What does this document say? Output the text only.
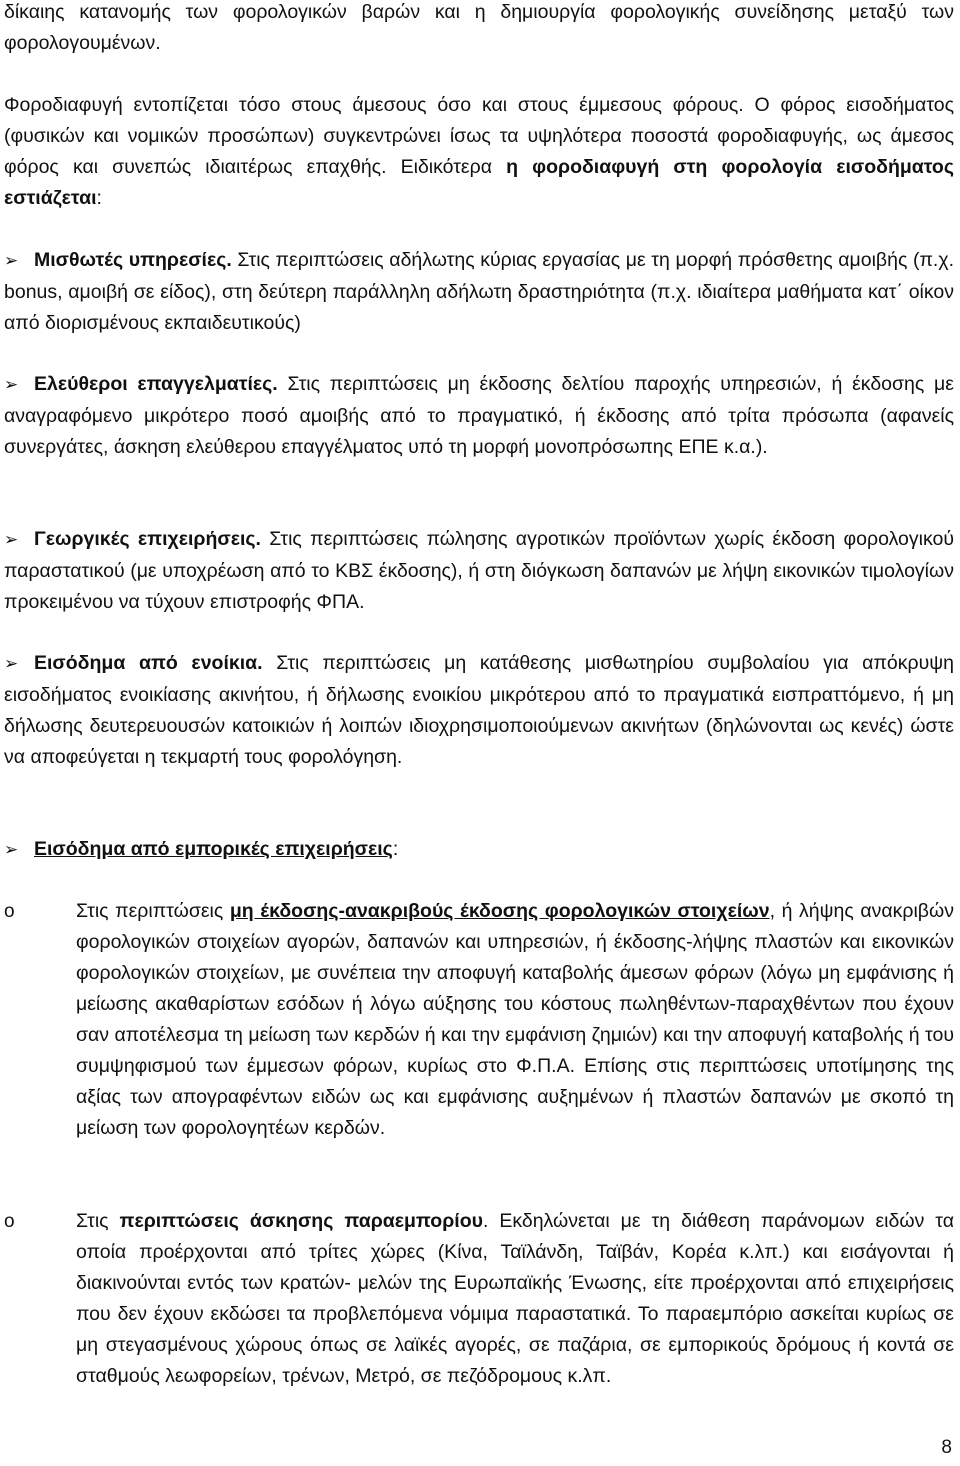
δίκαιης κατανομής των φορολογικών βαρών και η δημιουργία φορολογικής συνείδησης μεταξύ των φορολογουμένων.

Φοροδιαφυγή εντοπίζεται τόσο στους άμεσους όσο και στους έμμεσους φόρους. Ο φόρος εισοδήματος (φυσικών και νομικών προσώπων) συγκεντρώνει ίσως τα υψηλότερα ποσοστά φοροδιαφυγής, ως άμεσος φόρος και συνεπώς ιδιαιτέρως επαχθής. Ειδικότερα η φοροδιαφυγή στη φορολογία εισοδήματος εστιάζεται:

➢ Μισθωτές υπηρεσίες. Στις περιπτώσεις αδήλωτης κύριας εργασίας με τη μορφή πρόσθετης αμοιβής (π.χ. bonus, αμοιβή σε είδος), στη δεύτερη παράλληλη αδήλωτη δραστηριότητα (π.χ. ιδιαίτερα μαθήματα κατ΄ οίκον από διορισμένους εκπαιδευτικούς)

➢ Ελεύθεροι επαγγελματίες. Στις περιπτώσεις μη έκδοσης δελτίου παροχής υπηρεσιών, ή έκδοσης με αναγραφόμενο μικρότερο ποσό αμοιβής από το πραγματικό, ή έκδοσης από τρίτα πρόσωπα (αφανείς συνεργάτες, άσκηση ελεύθερου επαγγέλματος υπό τη μορφή μονοπρόσωπης ΕΠΕ κ.α.).

➢ Γεωργικές επιχειρήσεις. Στις περιπτώσεις πώλησης αγροτικών προϊόντων χωρίς έκδοση φορολογικού παραστατικού (με υποχρέωση από το ΚΒΣ έκδοσης), ή στη διόγκωση δαπανών με λήψη εικονικών τιμολογίων προκειμένου να τύχουν επιστροφής ΦΠΑ.

➢ Εισόδημα από ενοίκια. Στις περιπτώσεις μη κατάθεσης μισθωτηρίου συμβολαίου για απόκρυψη εισοδήματος ενοικίασης ακινήτου, ή δήλωσης ενοικίου μικρότερου από το πραγματικά εισπραττόμενο, ή μη δήλωσης δευτερευουσών κατοικιών ή λοιπών ιδιοχρησιμοποιούμενων ακινήτων (δηλώνονται ως κενές) ώστε να αποφεύγεται η τεκμαρτή τους φορολόγηση.

➢ Εισόδημα από εμπορικές επιχειρήσεις:

o	Στις περιπτώσεις μη έκδοσης-ανακριβούς έκδοσης φορολογικών στοιχείων, ή λήψης ανακριβών φορολογικών στοιχείων αγορών, δαπανών και υπηρεσιών, ή έκδοσης-λήψης πλαστών και εικονικών φορολογικών στοιχείων, με συνέπεια την αποφυγή καταβολής άμεσων φόρων (λόγω μη εμφάνισης ή μείωσης ακαθαρίστων εσόδων ή λόγω αύξησης του κόστους πωληθέντων-παραχθέντων που έχουν σαν αποτέλεσμα τη μείωση των κερδών ή και την εμφάνιση ζημιών) και την αποφυγή καταβολής ή του συμψηφισμού των έμμεσων φόρων, κυρίως στο Φ.Π.Α. Επίσης στις περιπτώσεις υποτίμησης της αξίας των απογραφέντων ειδών ως και εμφάνισης αυξημένων ή πλαστών δαπανών με σκοπό τη μείωση των φορολογητέων κερδών.

o	Στις περιπτώσεις άσκησης παραεμπορίου. Εκδηλώνεται με τη διάθεση παράνομων ειδών τα οποία προέρχονται από τρίτες χώρες (Κίνα, Ταϊλάνδη, Ταϊβάν, Κορέα κ.λπ.) και εισάγονται ή διακινούνται εντός των κρατών- μελών της Ευρωπαϊκής Ένωσης, είτε προέρχονται από επιχειρήσεις που δεν έχουν εκδώσει τα προβλεπόμενα νόμιμα παραστατικά. Το παραεμπόριο ασκείται κυρίως σε μη στεγασμένους χώρους όπως σε λαϊκές αγορές, σε παζάρια, σε εμπορικούς δρόμους ή κοντά σε σταθμούς λεωφορείων, τρένων, Μετρό, σε πεζόδρομους κ.λπ.

8
